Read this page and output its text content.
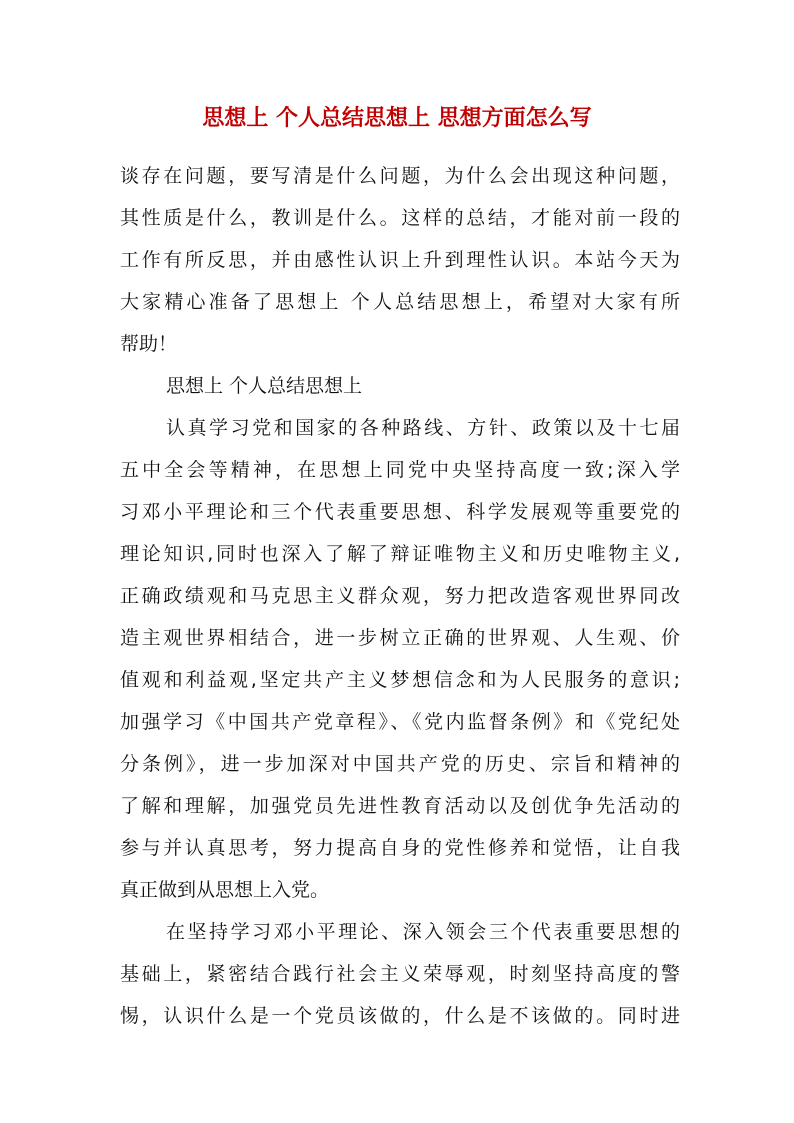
思想上 个人总结思想上 思想方面怎么写
谈存在问题，要写清是什么问题，为什么会出现这种问题，
其性质是什么，教训是什么。这样的总结，才能对前一段的
工作有所反思，并由感性认识上升到理性认识。本站今天为
大家精心准备了思想上 个人总结思想上，希望对大家有所
帮助！
思想上 个人总结思想上
认真学习党和国家的各种路线、方针、政策以及十七届
五中全会等精神，在思想上同党中央坚持高度一致;深入学
习邓小平理论和三个代表重要思想、科学发展观等重要党的
理论知识,同时也深入了解了辩证唯物主义和历史唯物主义,
正确政绩观和马克思主义群众观，努力把改造客观世界同改
造主观世界相结合，进一步树立正确的世界观、人生观、价
值观和利益观,坚定共产主义梦想信念和为人民服务的意识;
加强学习《中国共产党章程》、《党内监督条例》和《党纪处
分条例》，进一步加深对中国共产党的历史、宗旨和精神的
了解和理解，加强党员先进性教育活动以及创优争先活动的
参与并认真思考，努力提高自身的党性修养和觉悟，让自我
真正做到从思想上入党。
在坚持学习邓小平理论、深入领会三个代表重要思想的
基础上，紧密结合践行社会主义荣辱观，时刻坚持高度的警
惕，认识什么是一个党员该做的，什么是不该做的。同时进
